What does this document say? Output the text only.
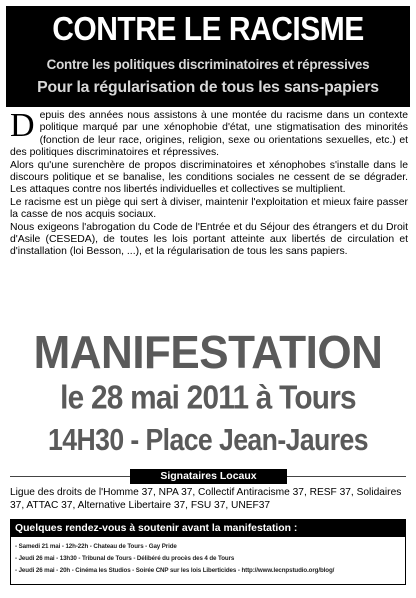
CONTRE LE RACISME
Contre les politiques discriminatoires et répressives
Pour la régularisation de tous les sans-papiers

Depuis des années nous assistons à une montée du racisme dans un contexte politique marqué par une xénophobie d'état, une stigmatisation des minorités (fonction de leur race, origines, religion, sexe ou orientations sexuelles, etc.) et des politiques discriminatoires et répressives.

Alors qu'une surenchère de propos discriminatoires et xénophobes s'installe dans le discours politique et se banalise, les conditions sociales ne cessent de se dégrader. Les attaques contre nos libertés individuelles et collectives se multiplient.

Le racisme est un piège qui sert à diviser, maintenir l'exploitation et mieux faire passer la casse de nos acquis sociaux.

Nous exigeons l'abrogation du Code de l'Entrée et du Séjour des étrangers et du Droit d'Asile (CESEDA), de toutes les lois portant atteinte aux libertés de circulation et d'installation (loi Besson, ...), et la régularisation de tous les sans papiers.

MANIFESTATION
le 28 mai 2011 à Tours
14H30 - Place Jean-Jaures
Signataires Locaux
Ligue des droits de l'Homme 37, NPA 37, Collectif Antiracisme 37, RESF 37, Solidaires 37, ATTAC 37, Alternative Libertaire 37, FSU 37, UNEF37
Quelques rendez-vous à soutenir avant la manifestation :
- Samedi 21 mai - 12h-22h - Chateau de Tours - Gay Pride
- Jeudi 26 mai - 13h30 - Tribunal de Tours - Délibéré du procès des 4 de Tours
- Jeudi 26 mai - 20h - Cinéma les Studios - Soirée CNP sur les lois Liberticides - http://www.lecnpstudio.org/blog/
